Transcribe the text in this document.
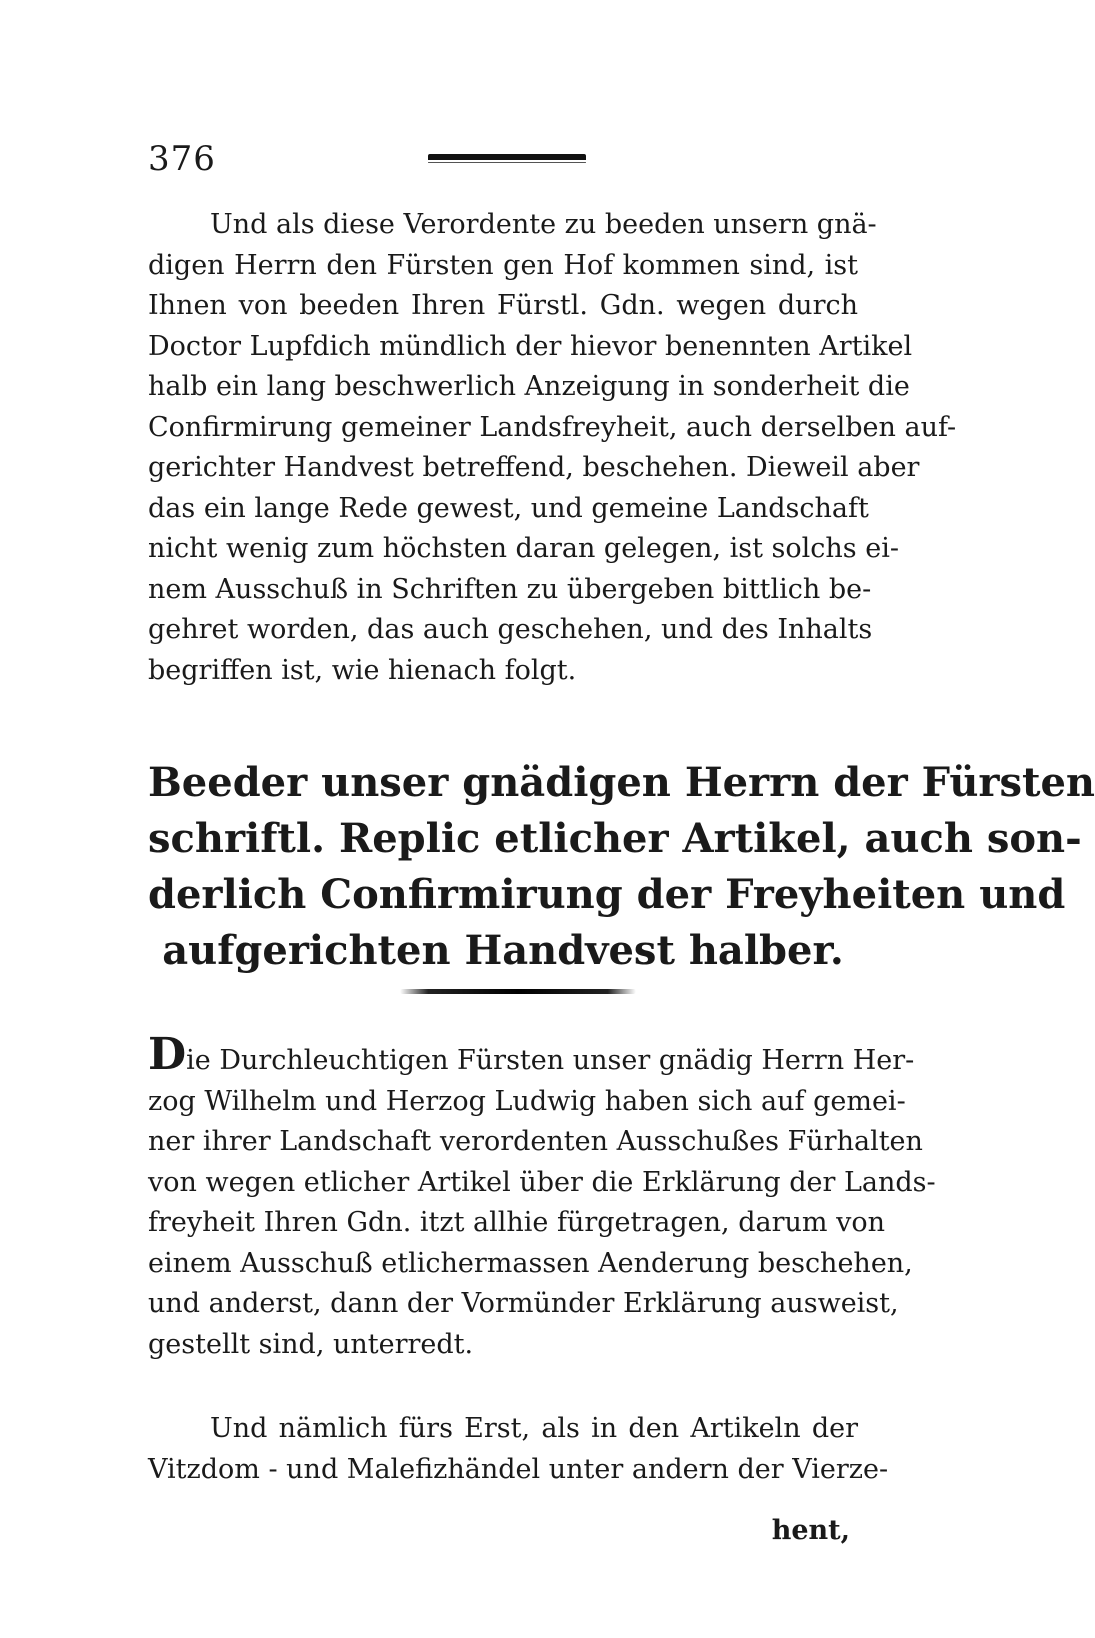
376
Und als diese Verordente zu beeden unsern gnä-
digen Herrn den Fürsten gen Hof kommen sind, ist
Ihnen von beeden Ihren Fürstl. Gdn. wegen durch
Doctor Lupfdich mündlich der hievor benennten Artikel
halb ein lang beschwerlich Anzeigung in sonderheit die
Confirmirung gemeiner Landsfreyheit, auch derselben auf-
gerichter Handvest betreffend, beschehen. Dieweil aber
das ein lange Rede gewest, und gemeine Landschaft
nicht wenig zum höchsten daran gelegen, ist solchs ei-
nem Ausschuß in Schriften zu übergeben bittlich be-
gehret worden, das auch geschehen, und des Inhalts
begriffen ist, wie hienach folgt.
Beeder unser gnädigen Herrn der Fürsten
schriftl. Replic etlicher Artikel, auch son-
derlich Confirmirung der Freyheiten und
aufgerichten Handvest halber.
Die Durchleuchtigen Fürsten unser gnädig Herrn Her-
zog Wilhelm und Herzog Ludwig haben sich auf gemei-
ner ihrer Landschaft verordenten Ausschußes Fürhalten
von wegen etlicher Artikel über die Erklärung der Lands-
freyheit Ihren Gdn. itzt allhie fürgetragen, darum von
einem Ausschuß etlichermassen Aenderung beschehen,
und anderst, dann der Vormünder Erklärung ausweist,
gestellt sind, unterredt.
Und nämlich fürs Erst, als in den Artikeln der
Vitzdom - und Malefizhändel unter andern der Vierze-
hent,
